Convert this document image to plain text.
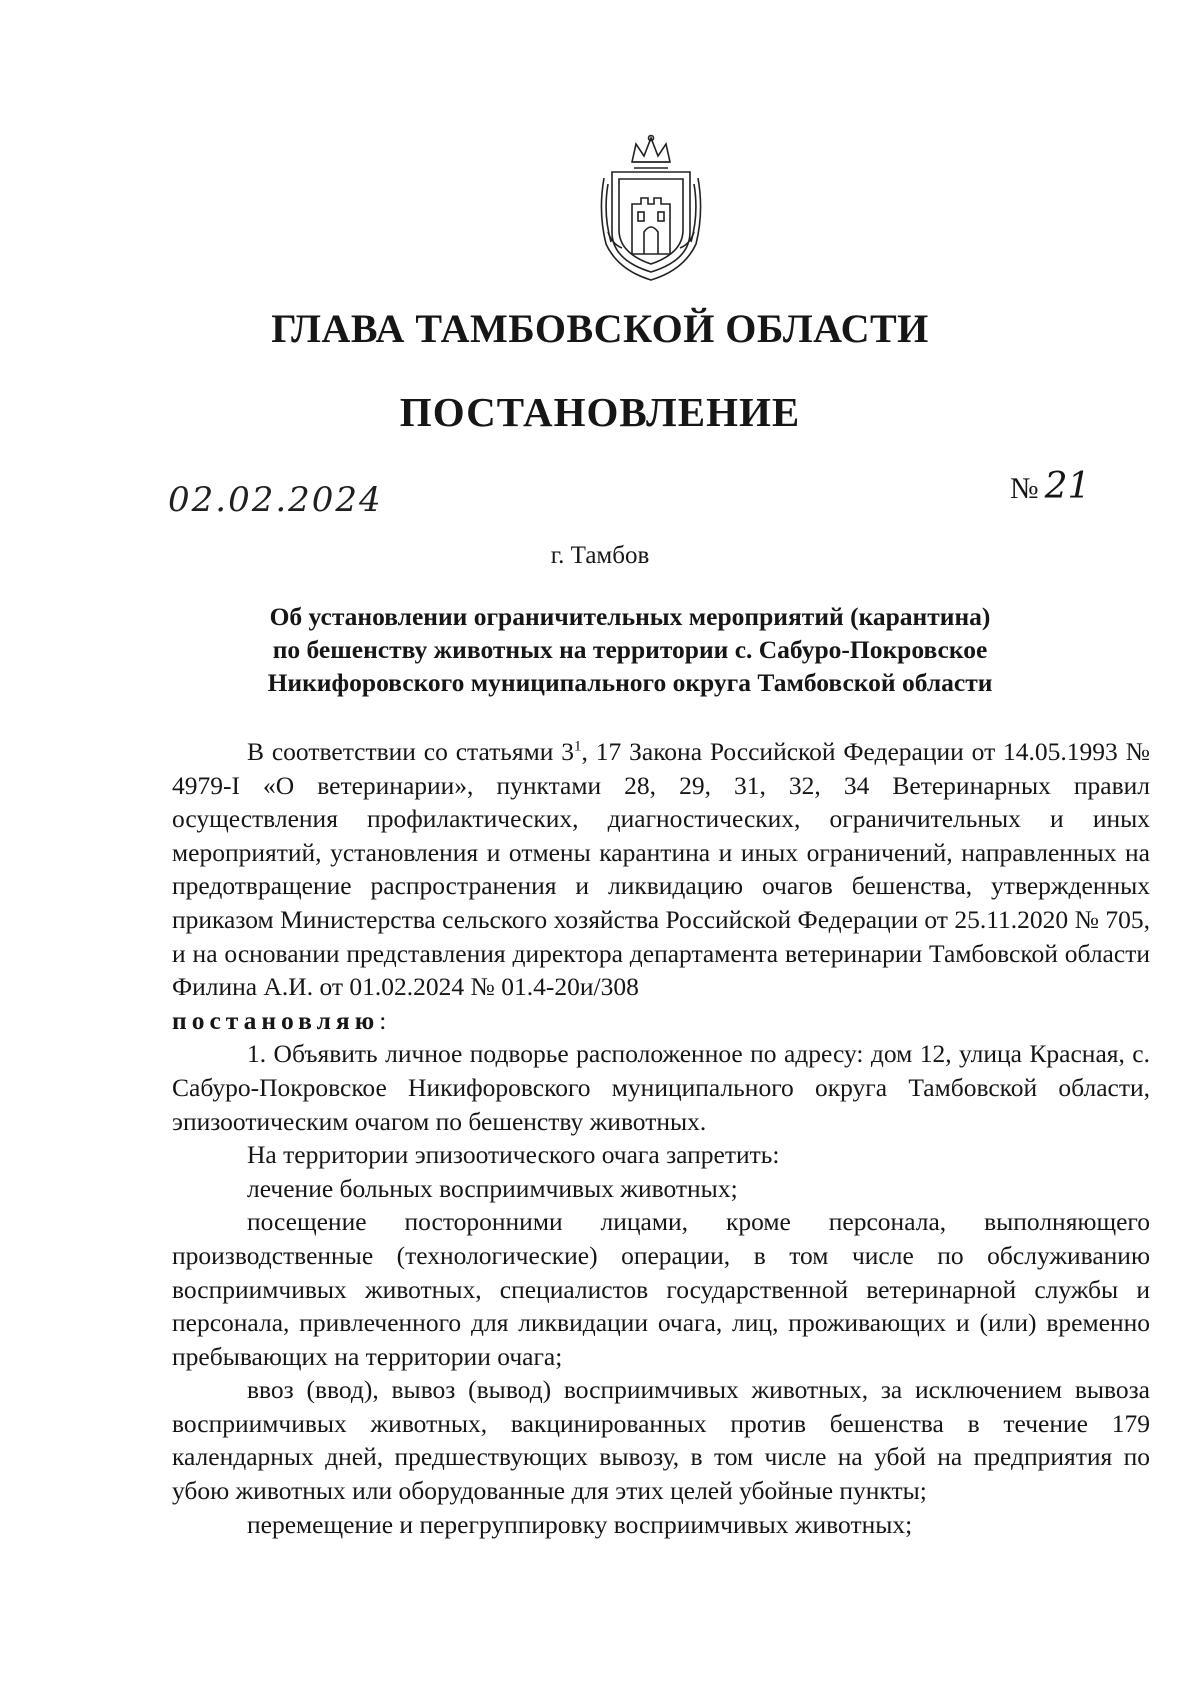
ГЛАВА ТАМБОВСКОЙ ОБЛАСТИ
ПОСТАНОВЛЕНИЕ
02.02.2024	№ 21
г. Тамбов
Об установлении ограничительных мероприятий (карантина)
по бешенству животных на территории с. Сабуро-Покровское
Никифоровского муниципального округа Тамбовской области

В соответствии со статьями $3^1$, 17 Закона Российской Федерации от 14.05.1993 № 4979-I «О ветеринарии», пунктами 28, 29, 31, 32, 34 Ветеринарных правил осуществления профилактических, диагностических, ограничительных и иных мероприятий, установления и отмены карантина и иных ограничений, направленных на предотвращение распространения и ликвидацию очагов бешенства, утвержденных приказом Министерства сельского хозяйства Российской Федерации от 25.11.2020 № 705, и на основании представления директора департамента ветеринарии Тамбовской области Филина А.И. от 01.02.2024 № 01.4-20и/308

постановляю:

1. Объявить личное подворье расположенное по адресу: дом 12, улица Красная, с. Сабуро-Покровское Никифоровского муниципального округа Тамбовской области, эпизоотическим очагом по бешенству животных.

На территории эпизоотического очага запретить:

лечение больных восприимчивых животных;

посещение посторонними лицами, кроме персонала, выполняющего производственные (технологические) операции, в том числе по обслуживанию восприимчивых животных, специалистов государственной ветеринарной службы и персонала, привлеченного для ликвидации очага, лиц, проживающих и (или) временно пребывающих на территории очага;

ввоз (ввод), вывоз (вывод) восприимчивых животных, за исключением вывоза восприимчивых животных, вакцинированных против бешенства в течение 179 календарных дней, предшествующих вывозу, в том числе на убой на предприятия по убою животных или оборудованные для этих целей убойные пункты;

перемещение и перегруппировку восприимчивых животных;
